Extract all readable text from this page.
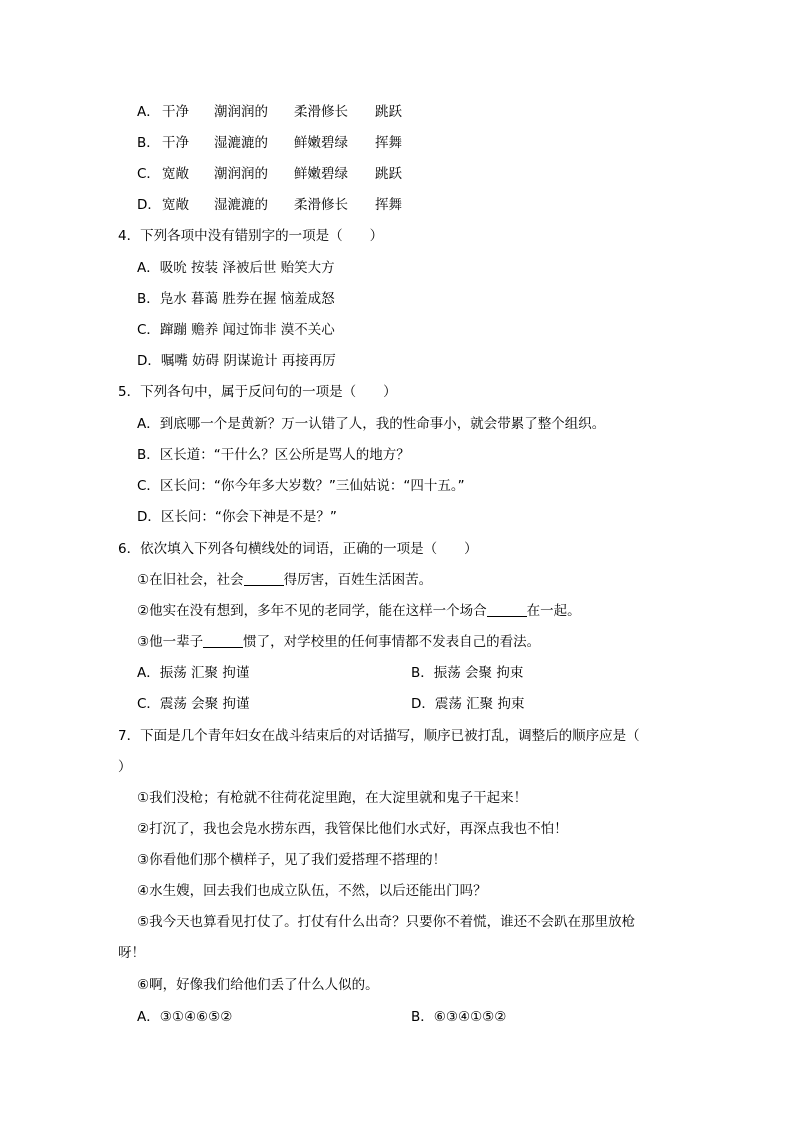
A． 干净 潮润润的 柔滑修长 跳跃
B． 干净 湿漉漉的 鲜嫩碧绿 挥舞
C． 宽敞 潮润润的 鲜嫩碧绿 跳跃
D． 宽敞 湿漉漉的 柔滑修长 挥舞
4．下列各项中没有错别字的一项是（　　）
A．吸吮 按装 泽被后世 贻笑大方
B．凫水 暮蔼 胜券在握 恼羞成怒
C．蹿蹦 赡养 闻过饰非 漠不关心
D．嘱嘴 妨碍 阴谋诡计 再接再厉
5．下列各句中，属于反问句的一项是（　　）
A．到底哪一个是黄新？万一认错了人，我的性命事小，就会带累了整个组织。
B．区长道：“干什么？区公所是骂人的地方？
C．区长问：“你今年多大岁数？”三仙姑说：“四十五。”
D．区长问：“你会下神是不是？”
6．依次填入下列各句横线处的词语，正确的一项是（　　）
①在旧社会，社会	得厉害，百姓生活困苦。
②他实在没有想到，多年不见的老同学，能在这样一个场合	在一起。
③他一辈子	惯了，对学校里的任何事情都不发表自己的看法。
A．振荡 汇聚 拘谨	B．振荡 会聚 拘束
C．震荡 会聚 拘谨	D．震荡 汇聚 拘束
7．下面是几个青年妇女在战斗结束后的对话描写，顺序已被打乱，调整后的顺序应是（
）
①我们没枪；有枪就不往荷花淀里跑，在大淀里就和鬼子干起来！
②打沉了，我也会凫水捞东西，我管保比他们水式好，再深点我也不怕！
③你看他们那个横样子，见了我们爱搭理不搭理的！
④水生嫂，回去我们也成立队伍，不然，以后还能出门吗？
⑤我今天也算看见打仗了。打仗有什么出奇？只要你不着慌，谁还不会趴在那里放枪
呀！
⑥啊，好像我们给他们丢了什么人似的。
A．③①④⑥⑤②	B．⑥③④①⑤②
